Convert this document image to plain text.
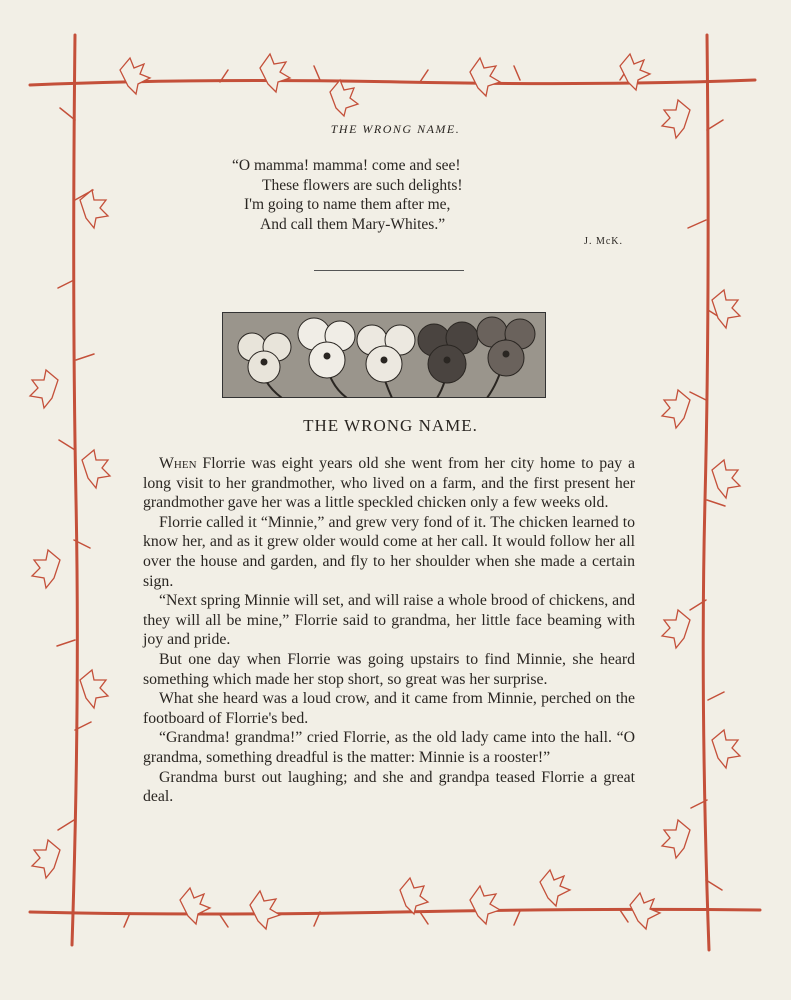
THE WRONG NAME.
“O mamma! mamma! come and see!
These flowers are such delights!
I'm going to name them after me,
And call them Mary-Whites.”
J. McK.
THE WRONG NAME.

When Florrie was eight years old she went from her city home to pay a long visit to her grandmother, who lived on a farm, and the first present her grandmother gave her was a little speckled chicken only a few weeks old.

Florrie called it “Minnie,” and grew very fond of it. The chicken learned to know her, and as it grew older would come at her call. It would follow her all over the house and garden, and fly to her shoulder when she made a certain sign.

“Next spring Minnie will set, and will raise a whole brood of chickens, and they will all be mine,” Florrie said to grandma, her little face beaming with joy and pride.

But one day when Florrie was going upstairs to find Minnie, she heard something which made her stop short, so great was her surprise.

What she heard was a loud crow, and it came from Minnie, perched on the footboard of Florrie's bed.

“Grandma! grandma!” cried Florrie, as the old lady came into the hall. “O grandma, something dreadful is the matter: Minnie is a rooster!”

Grandma burst out laughing; and she and grandpa teased Florrie a great deal.
